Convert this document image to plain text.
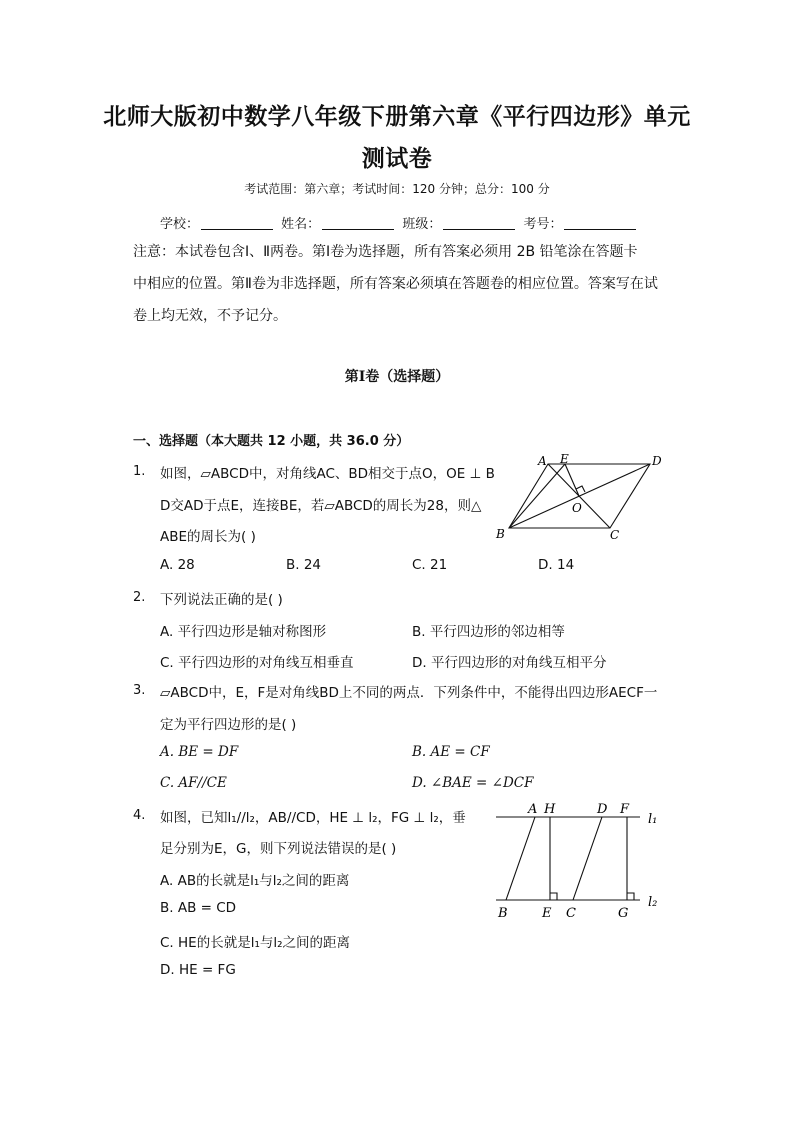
北师大版初中数学八年级下册第六章《平行四边形》单元
测试卷
考试范围：第六章；考试时间：120 分钟；总分：100 分
学校：	姓名：	班级：	考号：
注意：本试卷包含Ⅰ、Ⅱ两卷。第Ⅰ卷为选择题，所有答案必须用 2B 铅笔涂在答题卡
中相应的位置。第Ⅱ卷为非选择题，所有答案必须填在答题卷的相应位置。答案写在试
卷上均无效，不予记分。
第Ⅰ卷（选择题）
一、选择题（本大题共 12 小题，共 36.0 分）
1. 如图，▱ABCD中，对角线AC、BD相交于点O，OE ⊥ B
D交AD于点E，连接BE，若▱ABCD的周长为28，则△
ABE的周长为( )
A. 28	B. 24	C. 21	D. 14
A E	D
O
B	C
2. 下列说法正确的是( )
A. 平行四边形是轴对称图形	B. 平行四边形的邻边相等
C. 平行四边形的对角线互相垂直	D. 平行四边形的对角线互相平分
3. ▱ABCD中，E，F是对角线BD上不同的两点．下列条件中，不能得出四边形AECF一
定为平行四边形的是( )
A. BE = DF	B. AE = CF
C. AF//CE	D. ∠BAE = ∠DCF
4. 如图，已知l₁//l₂，AB//CD，HE ⊥ l₂，FG ⊥ l₂，垂
足分别为E，G，则下列说法错误的是( )
A. AB的长就是l₁与l₂之间的距离
B. AB = CD
C. HE的长就是l₁与l₂之间的距离
D. HE = FG
A H	D F
l₁
B	E C	G
l₂
